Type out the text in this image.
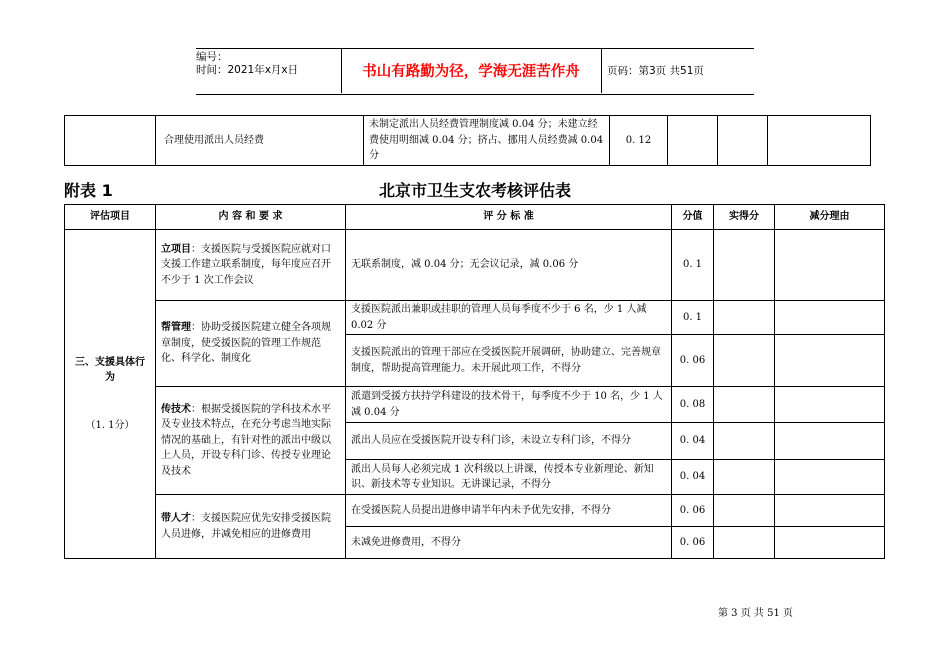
编号：
时间：2021年x月x日	书山有路勤为径，学海无涯苦作舟	页码：第3页 共51页
	合理使用派出人员经费	未制定派出人员经费管理制度减 0.04 分；未建立经费使用明细减 0.04 分；挤占、挪用人员经费减 0.04 分	0. 12			
北京市卫生支农考核评估表
附表 1
评估项目	内 容 和 要 求	评 分 标 准	分值	实得分	减分理由

三、支援具体行为
（1. 1分）	立项目：支援医院与受援医院应就对口支援工作建立联系制度，每年度应召开不少于 1 次工作会议	无联系制度，减 0.04 分；无会议记录，减 0.06 分	0. 1		
	帮管理：协助受援医院建立健全各项规章制度，使受援医院的管理工作规范化、科学化、制度化	支援医院派出兼职或挂职的管理人员每季度不少于 6 名，少 1 人减 0.02 分	0. 1		
		支援医院派出的管理干部应在受援医院开展调研，协助建立、完善规章制度，帮助提高管理能力。未开展此项工作，不得分	0. 06		
	传技术：根据受援医院的学科技术水平及专业技术特点，在充分考虑当地实际情况的基础上，有针对性的派出中级以上人员，开设专科门诊、传授专业理论及技术	派遣到受援方扶持学科建设的技术骨干，每季度不少于 10 名，少 1 人减 0.04 分	0. 08		
		派出人员应在受援医院开设专科门诊，未设立专科门诊，不得分	0. 04		
		派出人员每人必须完成 1 次科级以上讲课，传授本专业新理论、新知识、新技术等专业知识。无讲课记录，不得分	0. 04		
	带人才：支援医院应优先安排受援医院人员进修，并减免相应的进修费用	在受援医院人员提出进修申请半年内未予优先安排，不得分	0. 06		
		未减免进修费用，不得分	0. 06		
第 3 页 共 51 页
